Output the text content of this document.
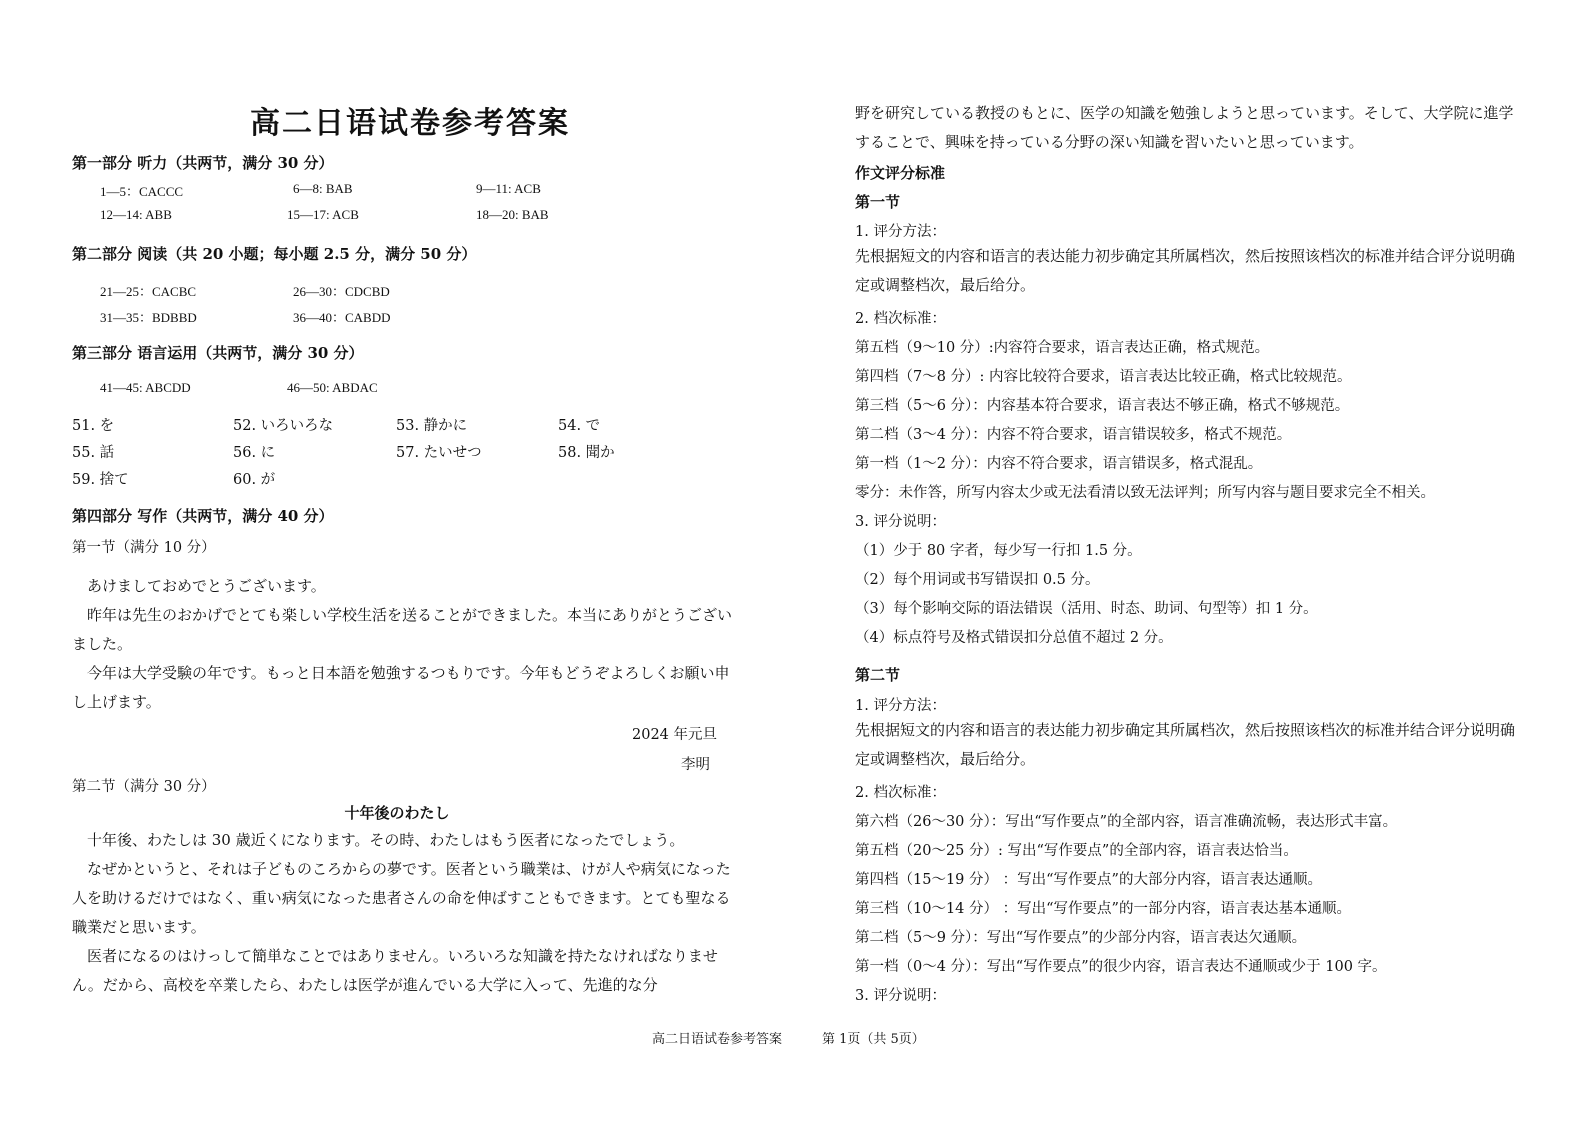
高二日语试卷参考答案
第一部分 听力（共两节，满分 30 分）
1—5：CACCC	6—8: BAB	9—11: ACB
12—14: ABB	15—17: ACB	18—20: BAB
第二部分 阅读（共 20 小题；每小题 2.5 分，满分 50 分）
21—25：CACBC	26—30：CDCBD
31—35：BDBBD	36—40：CABDD
第三部分 语言运用（共两节，满分 30 分）
41—45: ABCDD	46—50: ABDAC
51. を	52. いろいろな	53. 静かに	54. で
55. 話	56. に	57. たいせつ	58. 聞か
59. 捨て	60. が
第四部分 写作（共两节，满分 40 分）
第一节（满分 10 分）
あけましておめでとうございます。
昨年は先生のおかげでとても楽しい学校生活を送ることができました。本当にありがとうございました。
今年は大学受験の年です。もっと日本語を勉強するつもりです。今年もどうぞよろしくお願い申し上げます。
2024 年元旦
李明
第二节（满分 30 分）
十年後のわたし
十年後、わたしは 30 歳近くになります。その時、わたしはもう医者になったでしょう。
なぜかというと、それは子どものころからの夢です。医者という職業は、けが人や病気になった人を助けるだけではなく、重い病気になった患者さんの命を伸ばすこともできます。とても聖なる職業だと思います。
医者になるのはけっして簡単なことではありません。いろいろな知識を持たなければなりません。だから、高校を卒業したら、わたしは医学が進んでいる大学に入って、先進的な分
野を研究している教授のもとに、医学の知識を勉強しようと思っています。そして、大学院に進学することで、興味を持っている分野の深い知識を習いたいと思っています。
作文评分标准
第一节
1. 评分方法：
先根据短文的内容和语言的表达能力初步确定其所属档次，然后按照该档次的标准并结合评分说明确定或调整档次，最后给分。
2. 档次标准：
第五档（9～10 分）:内容符合要求，语言表达正确，格式规范。
第四档（7～8 分）: 内容比较符合要求，语言表达比较正确，格式比较规范。
第三档（5～6 分）：内容基本符合要求，语言表达不够正确，格式不够规范。
第二档（3～4 分）：内容不符合要求，语言错误较多，格式不规范。
第一档（1～2 分）：内容不符合要求，语言错误多，格式混乱。
零分：未作答，所写内容太少或无法看清以致无法评判；所写内容与题目要求完全不相关。
3. 评分说明：
（1）少于 80 字者，每少写一行扣 1.5 分。
（2）每个用词或书写错误扣 0.5 分。
（3）每个影响交际的语法错误（活用、时态、助词、句型等）扣 1 分。
（4）标点符号及格式错误扣分总值不超过 2 分。
第二节
1. 评分方法：
先根据短文的内容和语言的表达能力初步确定其所属档次，然后按照该档次的标准并结合评分说明确定或调整档次，最后给分。
2. 档次标准：
第六档（26～30 分）：写出“写作要点”的全部内容，语言准确流畅，表达形式丰富。
第五档（20～25 分）: 写出“写作要点”的全部内容，语言表达恰当。
第四档（15～19 分） ：写出“写作要点”的大部分内容，语言表达通顺。
第三档（10～14 分） ：写出“写作要点”的一部分内容，语言表达基本通顺。
第二档（5～9 分）：写出“写作要点”的少部分内容，语言表达欠通顺。
第一档（0～4 分）：写出“写作要点”的很少内容，语言表达不通顺或少于 100 字。
3. 评分说明：
高二日语试卷参考答案	第 1页（共 5页）
